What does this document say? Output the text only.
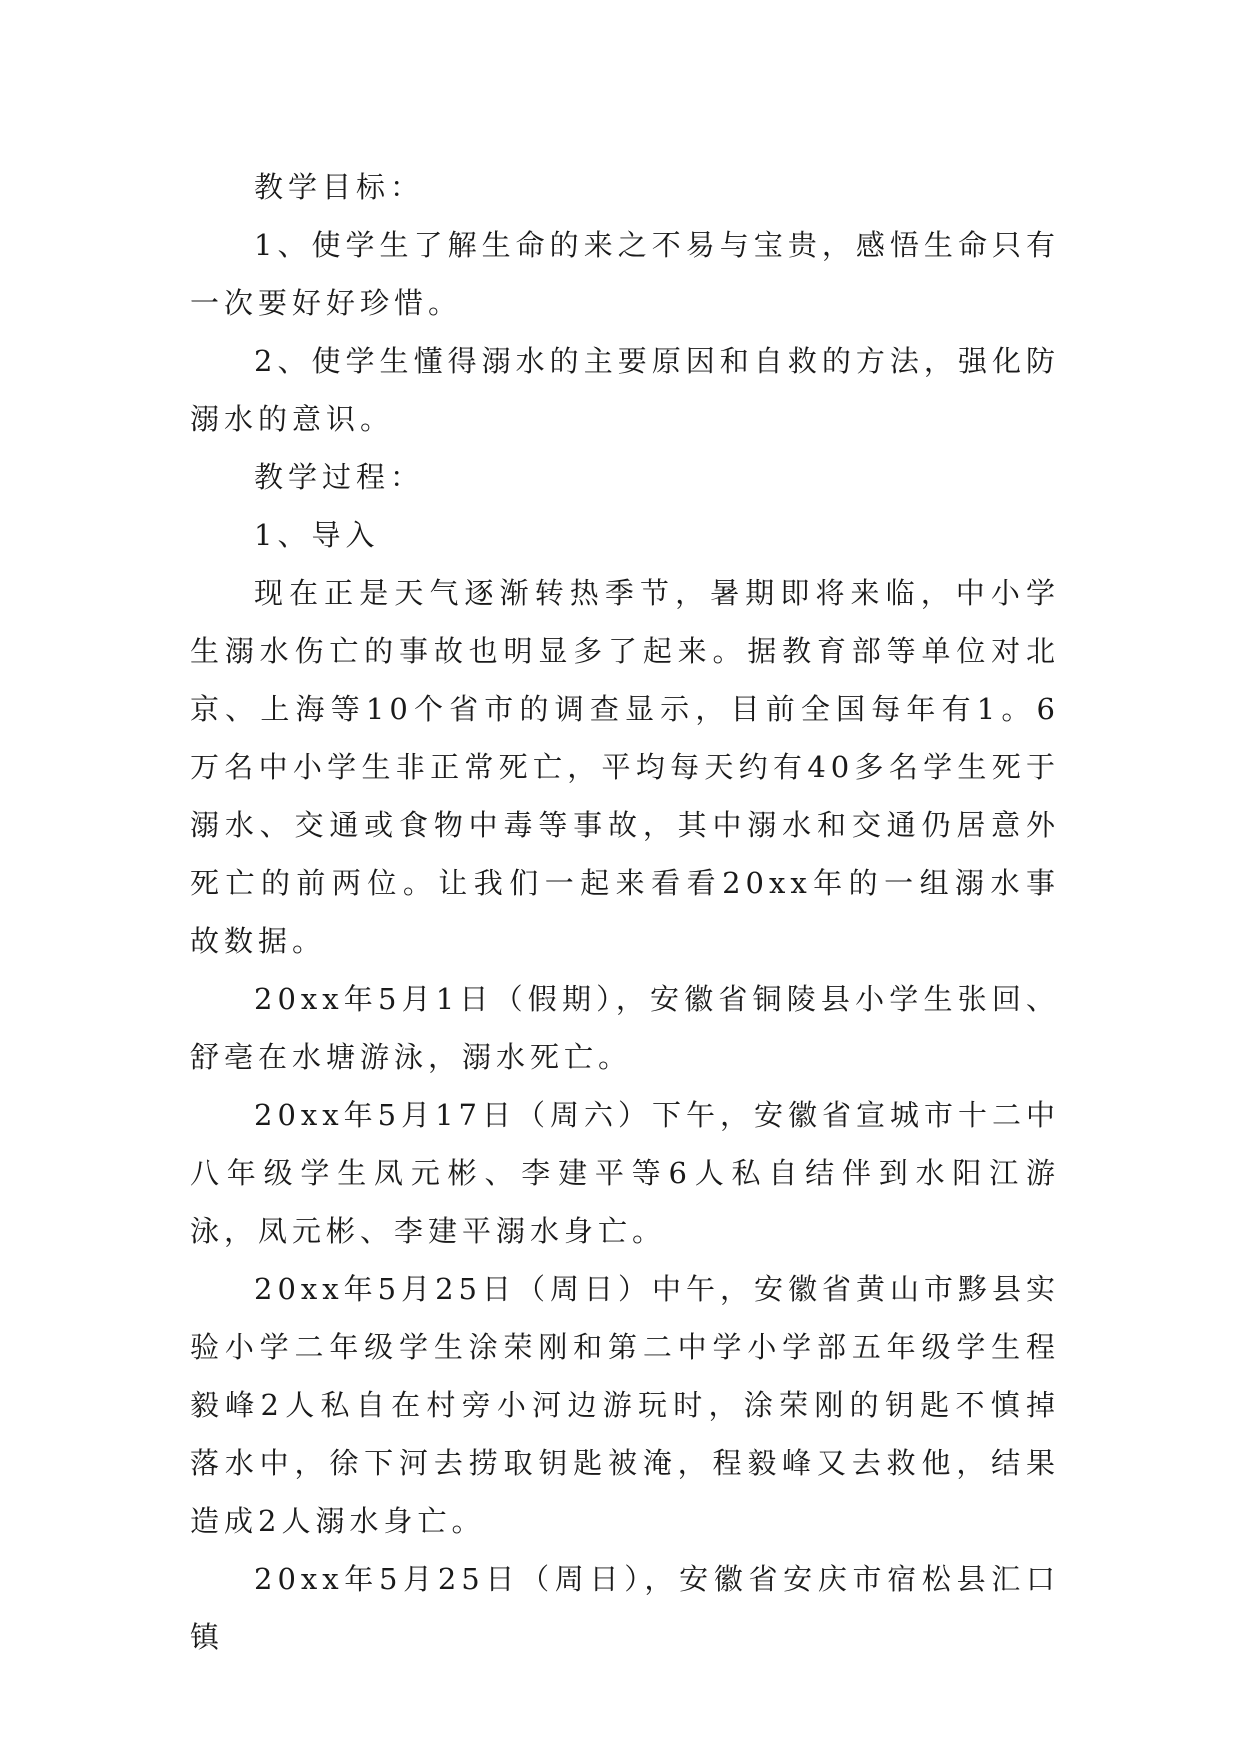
教学目标：

1、使学生了解生命的来之不易与宝贵，感悟生命只有一次要好好珍惜。

2、使学生懂得溺水的主要原因和自救的方法，强化防溺水的意识。

教学过程：

1、导入

现在正是天气逐渐转热季节，暑期即将来临，中小学生溺水伤亡的事故也明显多了起来。据教育部等单位对北京、上海等10个省市的调查显示，目前全国每年有1。6万名中小学生非正常死亡，平均每天约有40多名学生死于溺水、交通或食物中毒等事故，其中溺水和交通仍居意外死亡的前两位。让我们一起来看看20xx年的一组溺水事故数据。

20xx年5月1日（假期），安徽省铜陵县小学生张回、舒亳在水塘游泳，溺水死亡。

20xx年5月17日（周六）下午，安徽省宣城市十二中八年级学生凤元彬、李建平等6人私自结伴到水阳江游泳，凤元彬、李建平溺水身亡。

20xx年5月25日（周日）中午，安徽省黄山市黟县实验小学二年级学生涂荣刚和第二中学小学部五年级学生程毅峰2人私自在村旁小河边游玩时，涂荣刚的钥匙不慎掉落水中，徐下河去捞取钥匙被淹，程毅峰又去救他，结果造成2人溺水身亡。

20xx年5月25日（周日），安徽省安庆市宿松县汇口镇
